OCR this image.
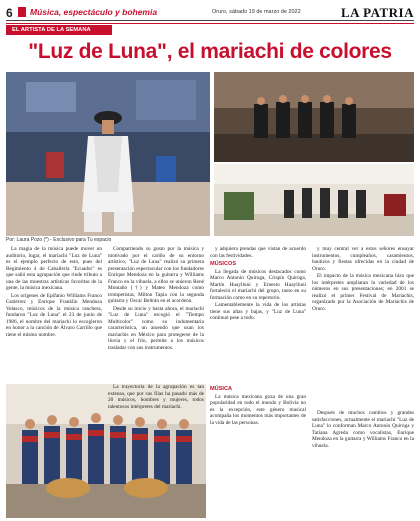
6 Música, espectáculo y bohemia	Oruro, sábado 19 de marzo de 2022	LA PATRIA
EL ARTISTA DE LA SEMANA
"Luz de Luna", el mariachi de colores
Por: Laura Pozo (*) - Exclusivo para Tu espacio

La magia de la música puede mover un auditorio, lugar, el mariachi "Luz de Luna" es el ejemplo perfecto de esto, pues del Regimiento 4 de Caballería "Ecuador" es que salió esta agrupación que rinde tributo a una de las muestras artísticas favoritas de la gente, la música mexicana.

Los orígenes de Epifanio Williams Franco Gutiérrez y Enrique Franklin Mendoza Velasco, músicos de la música ranchera, fundaron "Luz de Luna" el 23 de junio de 1986, el nombre del mariachi lo escogieron en honor a la canción de Álvaro Carrillo que tiene el mismo nombre.

Compartiendo su gusto por la música y motivado por el cariño de su entorno artístico, "Luz de Luna" realizó su primera presentación espectacular con los fundadores Enrique Mendoza en la guitarra y Williams Franco en la vihuela, a ellos se unieron René Montaño (†) y Mateo Mendoza como trompetistas, Milton Tapia con la segunda guitarra y Oscar Beltrán en el acordeón.

Desde su inicio y hasta ahora, el mariachi "Luz de Luna" escogió el "Tiempo Multicolor" como su indumentaria característica, un atuendo que usan los mariachis en México para protegerse de la lluvia y el frío, permite a los músicos trasladar con sus instrumentos.

y adquiera prendas que vistan de acuerdo con las festividades.

MÚSICOS

La llegada de músicos destacados como Marco Antonio Quiroga, Crispín Quiroga, Martín Huaylluni y Ernesto Huaylluni fortaleció el mariachi del grupo, tanto en su formación como en su repertorio.

Lamentablemente la vida de los artistas tiene sus altas y bajas, y "Luz de Luna" continuó pese a todo.

y muy central ver a estos señores ensayar instrumentos, cumpleaños, casamientos, bautizos y fiestas ofrecidas en la ciudad de Oruro.

El impacto de la música mexicana hizo que los intérpretes ampliaran la variedad de los números en sus presentaciones; en 2001 se realizó el primer Festival de Mariachis, organizado por la Asociación de Mariachis de Oruro.

La trayectoria de la agrupación es tan extensa, que por sus filas ha pasado más de 20 músicos, hombres y mujeres, todos talentosos intérpretes del mariachi.

MÚSICA

La música mexicana goza de una gran popularidad en todo el mundo y Bolivia no es la excepción, este género musical acompaña los momentos más importantes de la vida de las personas.

Después de muchos cambios y grandes satisfacciones, actualmente el mariachi "Luz de Luna" lo conforman Marco Antonio Quiroga y Tatiana Agreda como vocalistas, Enrique Mendoza en la guitarra y Williams Franco en la vihuela.
